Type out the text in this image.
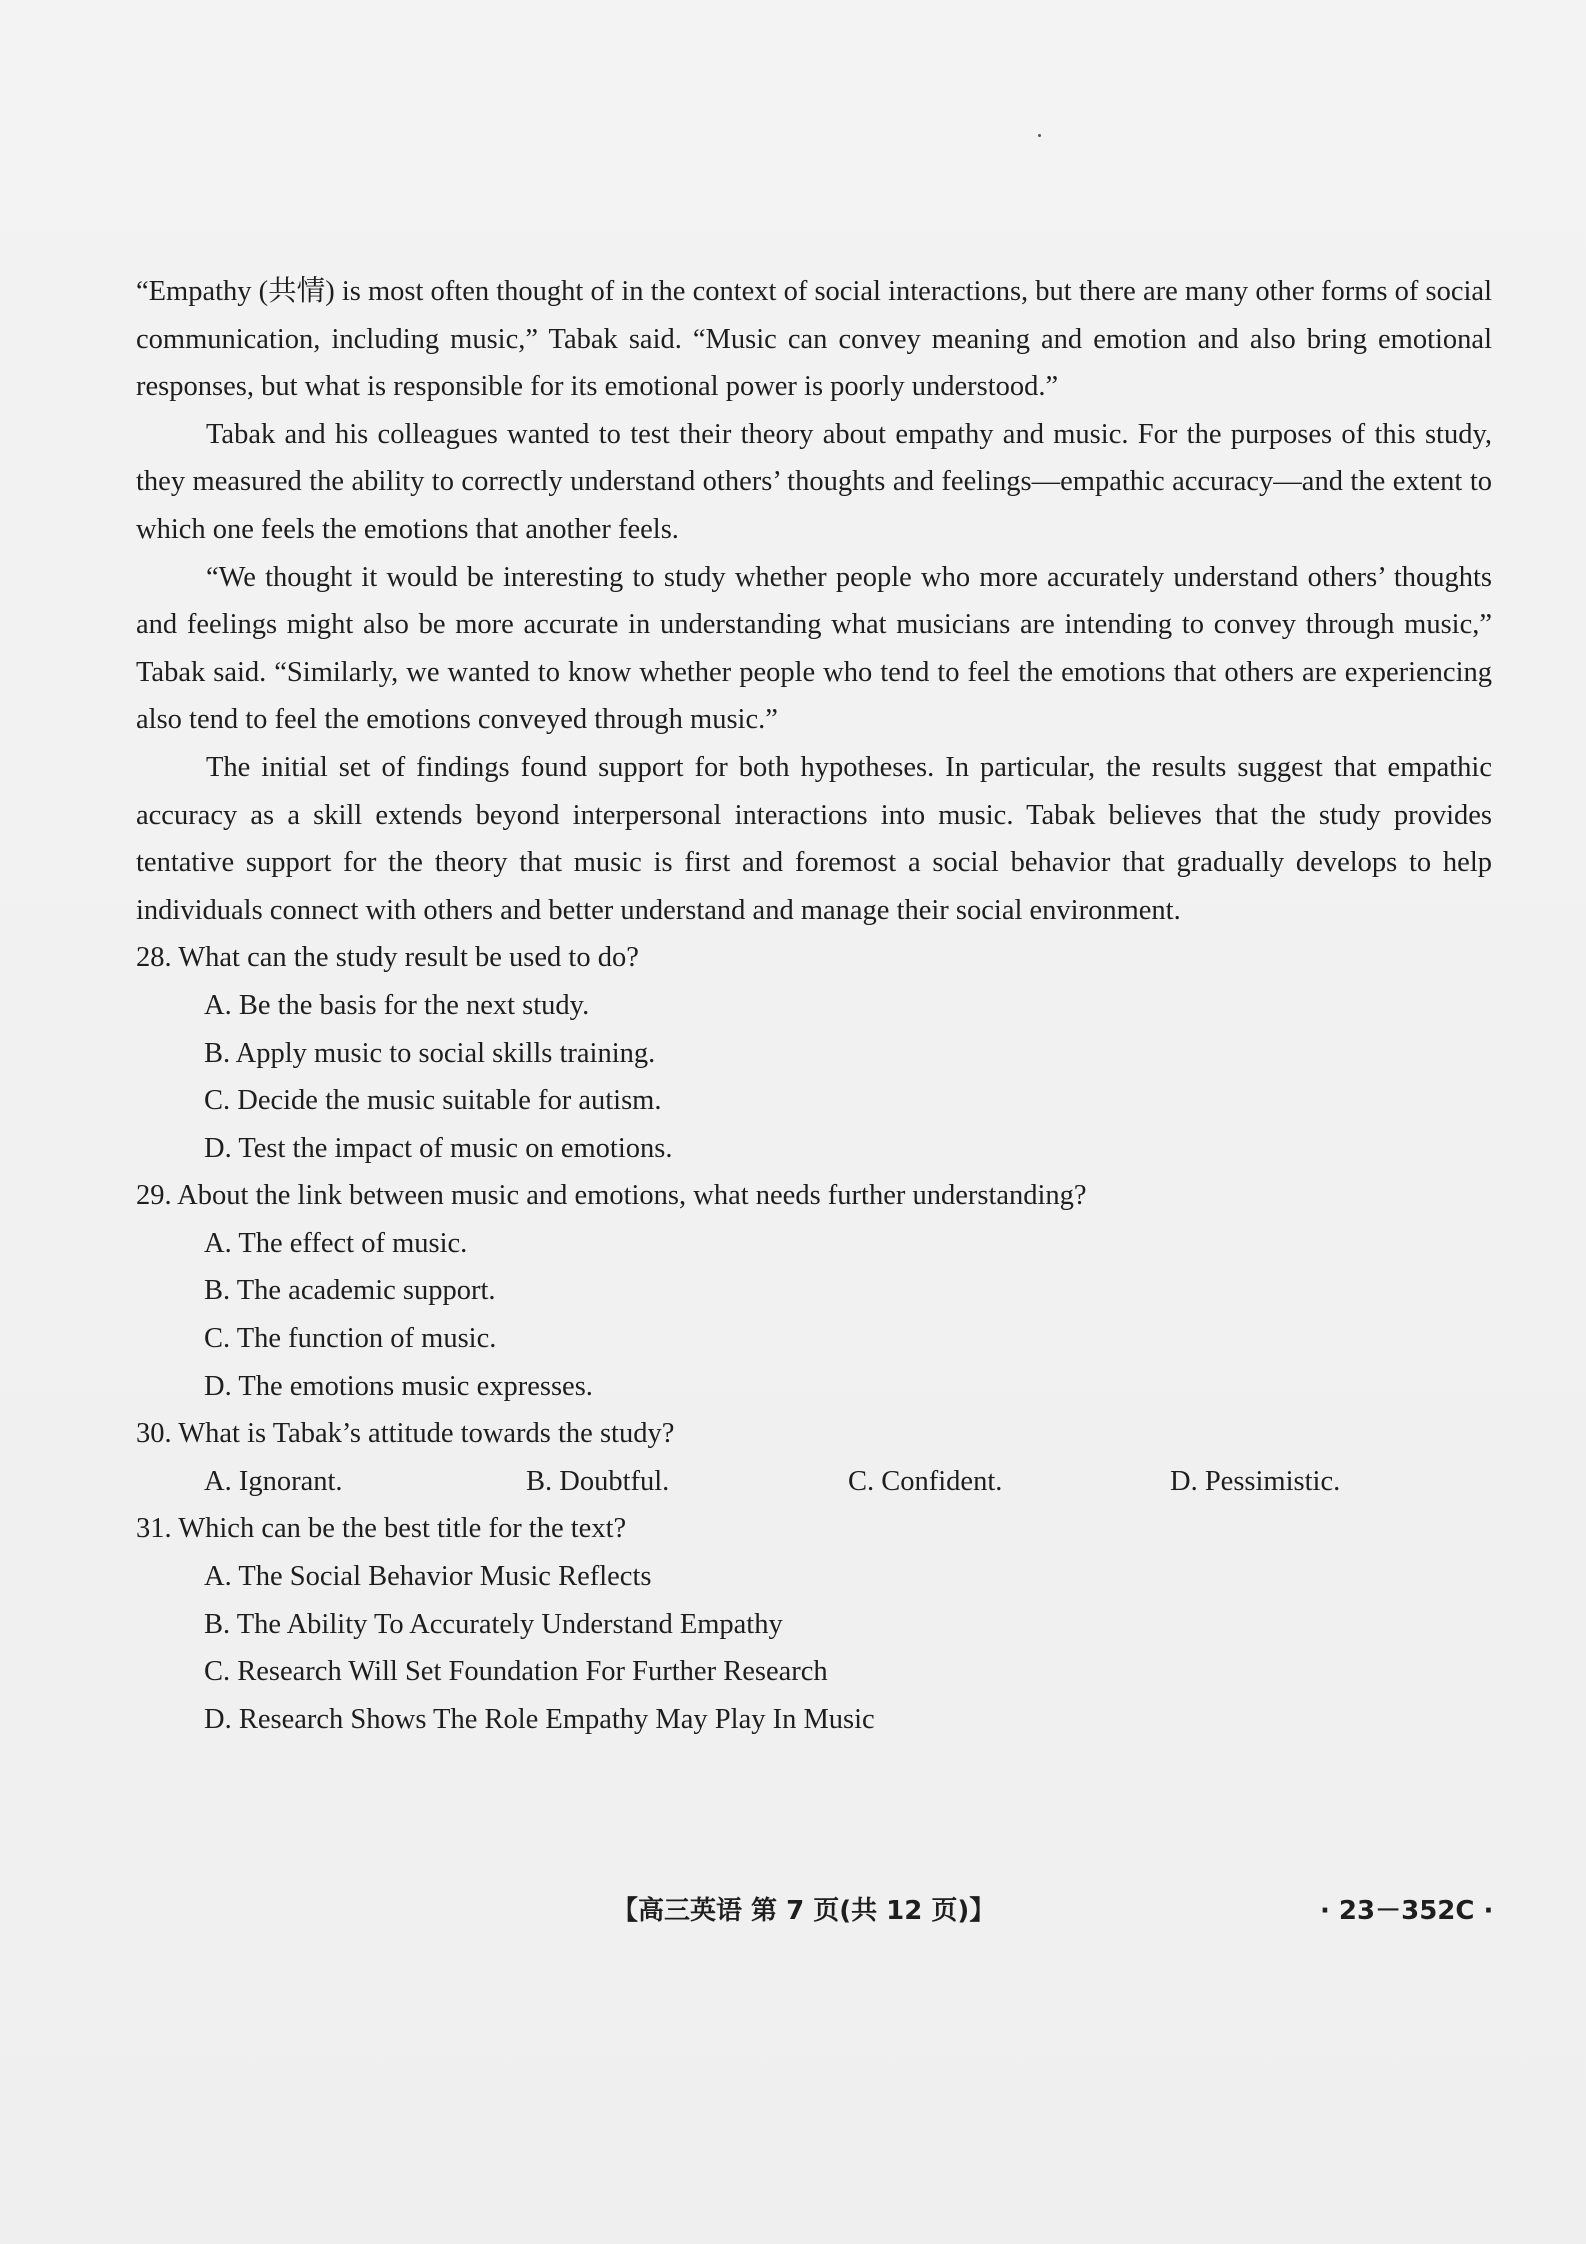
“Empathy (共情) is most often thought of in the context of social interactions, but there are many other forms of social communication, including music,” Tabak said. “Music can convey meaning and emotion and also bring emotional responses, but what is responsible for its emotional power is poorly understood.”

Tabak and his colleagues wanted to test their theory about empathy and music. For the purposes of this study, they measured the ability to correctly understand others’ thoughts and feelings—empathic accuracy—and the extent to which one feels the emotions that another feels.

“We thought it would be interesting to study whether people who more accurately understand others’ thoughts and feelings might also be more accurate in understanding what musicians are intending to convey through music,” Tabak said. “Similarly, we wanted to know whether people who tend to feel the emotions that others are experiencing also tend to feel the emotions conveyed through music.”

The initial set of findings found support for both hypotheses. In particular, the results suggest that empathic accuracy as a skill extends beyond interpersonal interactions into music. Tabak believes that the study provides tentative support for the theory that music is first and foremost a social behavior that gradually develops to help individuals connect with others and better understand and manage their social environment.

28. What can the study result be used to do?

A. Be the basis for the next study.

B. Apply music to social skills training.

C. Decide the music suitable for autism.

D. Test the impact of music on emotions.

29. About the link between music and emotions, what needs further understanding?

A. The effect of music.

B. The academic support.

C. The function of music.

D. The emotions music expresses.

30. What is Tabak’s attitude towards the study?

A. Ignorant.	B. Doubtful.	C. Confident.	D. Pessimistic.

31. Which can be the best title for the text?

A. The Social Behavior Music Reflects

B. The Ability To Accurately Understand Empathy

C. Research Will Set Foundation For Further Research

D. Research Shows The Role Empathy May Play In Music

【高三英语 第 7 页(共 12 页)】	· 23－352C ·
